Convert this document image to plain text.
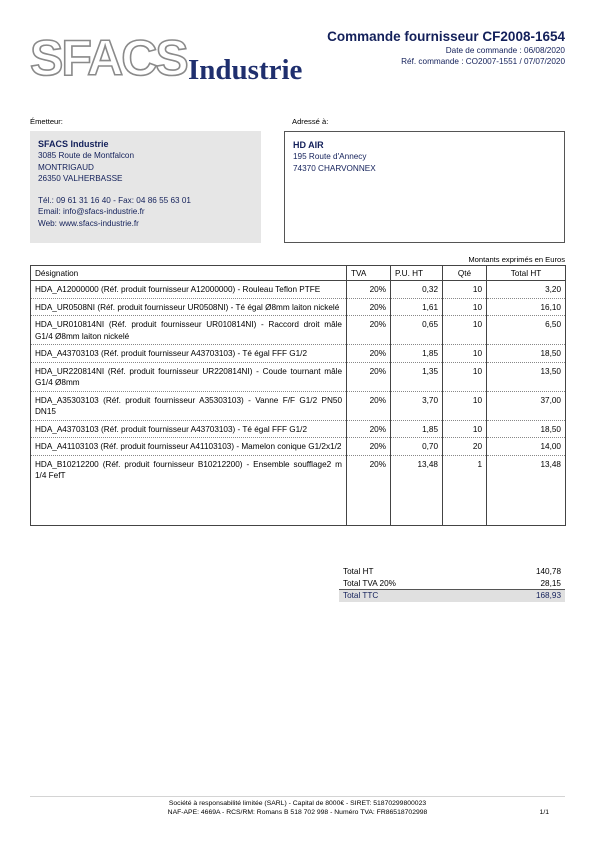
SFACS Industrie
Commande fournisseur CF2008-1654
Date de commande : 06/08/2020
Réf. commande : CO2007-1551 / 07/07/2020
Émetteur:
SFACS Industrie
3085 Route de Montfalcon
MONTRIGAUD
26350 VALHERBASSE
Tél.: 09 61 31 16 40 - Fax: 04 86 55 63 01
Email: info@sfacs-industrie.fr
Web: www.sfacs-industrie.fr
Adressé à:
HD AIR
195 Route d'Annecy
74370 CHARVONNEX
Montants exprimés en Euros
Désignation	TVA	P.U. HT	Qté	Total HT
HDA_A12000000 (Réf. produit fournisseur A12000000) - Rouleau Teflon PTFE	20%	0,32	10	3,20
HDA_UR0508NI (Réf. produit fournisseur UR0508NI) - Té égal Ø8mm laiton nickelé	20%	1,61	10	16,10
HDA_UR010814NI (Réf. produit fournisseur UR010814NI) - Raccord droit mâle G1/4 Ø8mm laiton nickelé	20%	0,65	10	6,50
HDA_A43703103 (Réf. produit fournisseur A43703103) - Té égal FFF G1/2	20%	1,85	10	18,50
HDA_UR220814NI (Réf. produit fournisseur UR220814NI) - Coude tournant mâle G1/4 Ø8mm	20%	1,35	10	13,50
HDA_A35303103 (Réf. produit fournisseur A35303103) - Vanne F/F G1/2 PN50 DN15	20%	3,70	10	37,00
HDA_A43703103 (Réf. produit fournisseur A43703103) - Té égal FFF G1/2	20%	1,85	10	18,50
HDA_A41103103 (Réf. produit fournisseur A41103103) - Mamelon conique G1/2x1/2	20%	0,70	20	14,00
HDA_B10212200 (Réf. produit fournisseur B10212200) - Ensemble soufflage2 m 1/4 FefT	20%	13,48	1	13,48
Total HT	140,78
Total TVA 20%	28,15
Total TTC	168,93
Société à responsabilité limitée (SARL) - Capital de 8000€ - SIRET: 51870299800023
NAF-APE: 4669A - RCS/RM: Romans B 518 702 998 - Numéro TVA: FR86518702998	1/1
